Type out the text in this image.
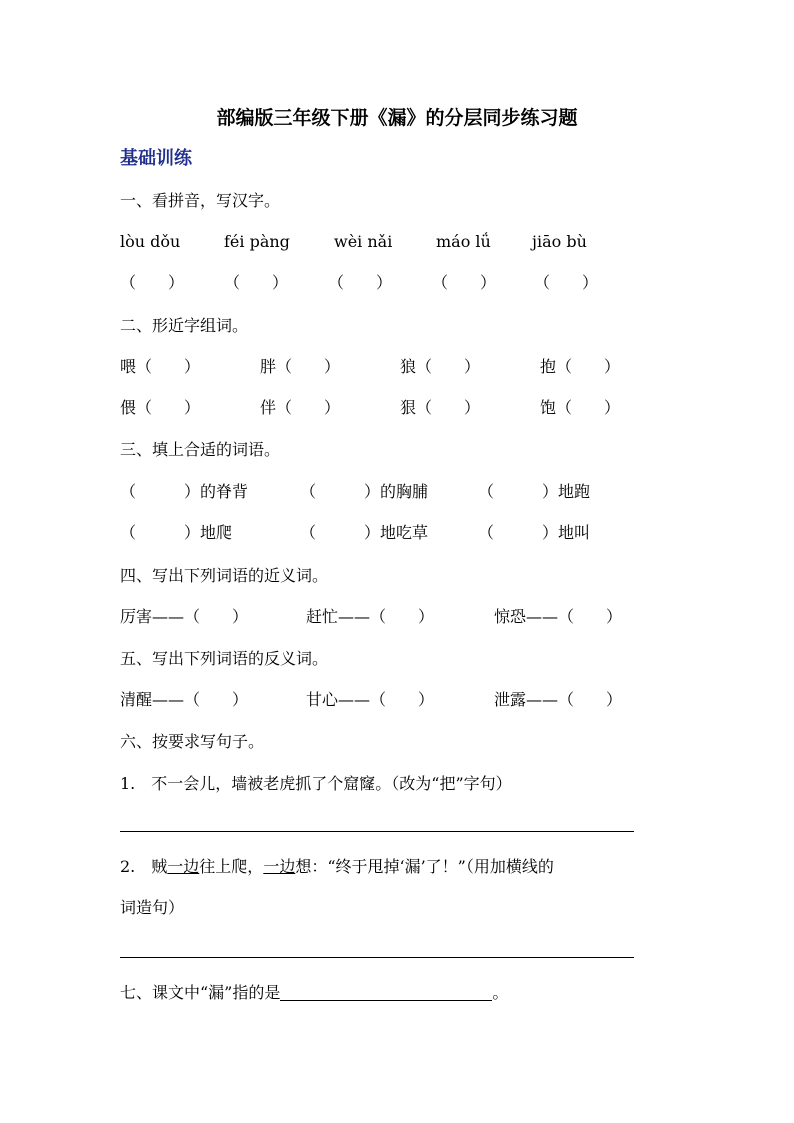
部编版三年级下册《漏》的分层同步练习题
基础训练
一、看拼音，写汉字。
lòu dǒu	féi pàng	wèi nǎi	máo lǘ	jiāo bù
（　　） （　　） （　　） （　　） （　　）
二、形近字组词。
喂（　　）	胖（　　）	狼（　　）	抱（　　）
偎（　　）	伴（　　）	狠（　　）	饱（　　）
三、填上合适的词语。
（　　　）的脊背	（　　　）的胸脯	（　　　）地跑
（　　　）地爬	（　　　）地吃草	（　　　）地叫
四、写出下列词语的近义词。
厉害——（　　）	赶忙——（　　）	惊恐——（　　）
五、写出下列词语的反义词。
清醒——（　　）	甘心——（　　）	泄露——（　　）
六、按要求写句子。
1.　不一会儿，墙被老虎抓了个窟窿。（改为“把”字句）
2.　贼一边往上爬，一边想：“终于甩掉‘漏’了！”（用加横线的
词造句）
七、课文中“漏”指的是	。
